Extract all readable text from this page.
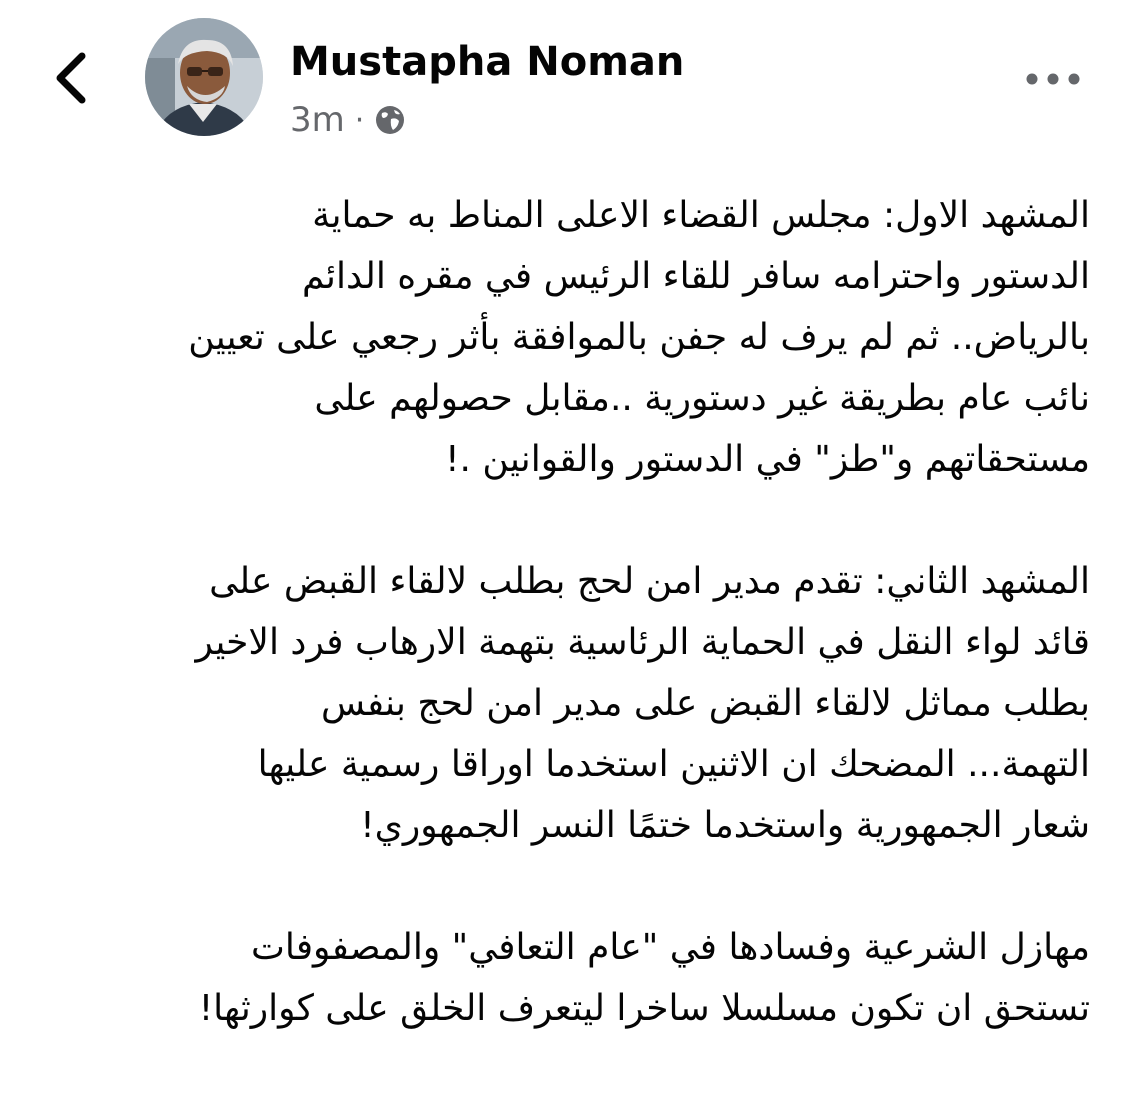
Mustapha Noman
3m ·

المشهد الاول: مجلس القضاء الاعلى المناط به حماية
الدستور واحترامه سافر للقاء الرئيس في مقره الدائم
بالرياض.. ثم لم يرف له جفن بالموافقة بأثر رجعي على تعيين
نائب عام بطريقة غير دستورية ..مقابل حصولهم على
مستحقاتهم و"طز" في الدستور والقوانين .!

المشهد الثاني: تقدم مدير امن لحج بطلب لالقاء القبض على
قائد لواء النقل في الحماية الرئاسية بتهمة الارهاب فرد الاخير
بطلب مماثل لالقاء القبض على مدير امن لحج بنفس
التهمة... المضحك ان الاثنين استخدما اوراقا رسمية عليها
شعار الجمهورية واستخدما ختمًا النسر الجمهوري!

مهازل الشرعية وفسادها في "عام التعافي" والمصفوفات
تستحق ان تكون مسلسلا ساخرا ليتعرف الخلق على كوارثها!
